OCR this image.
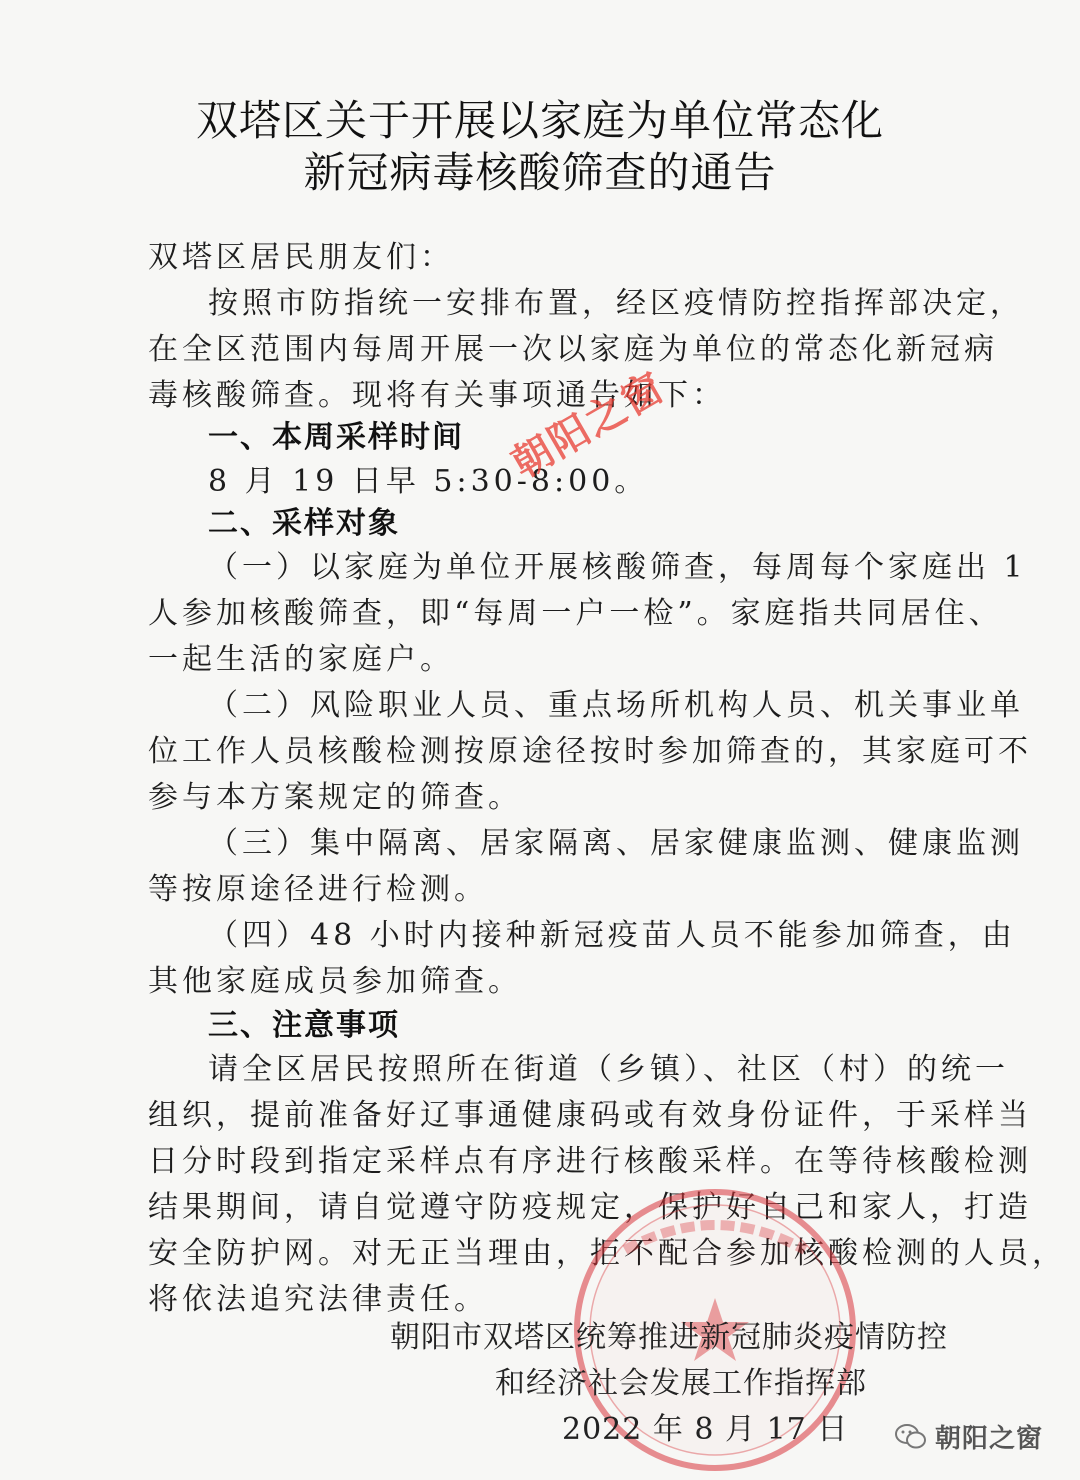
双塔区关于开展以家庭为单位常态化
新冠病毒核酸筛查的通告
双塔区居民朋友们：
按照市防指统一安排布置，经区疫情防控指挥部决定，
在全区范围内每周开展一次以家庭为单位的常态化新冠病
毒核酸筛查。现将有关事项通告如下：
一、本周采样时间
8 月 19 日早 5:30-8:00。
二、采样对象
（一）以家庭为单位开展核酸筛查，每周每个家庭出 1
人参加核酸筛查，即“每周一户一检”。家庭指共同居住、
一起生活的家庭户。
（二）风险职业人员、重点场所机构人员、机关事业单
位工作人员核酸检测按原途径按时参加筛查的，其家庭可不
参与本方案规定的筛查。
（三）集中隔离、居家隔离、居家健康监测、健康监测
等按原途径进行检测。
（四）48 小时内接种新冠疫苗人员不能参加筛查，由
其他家庭成员参加筛查。
三、注意事项
请全区居民按照所在街道（乡镇）、社区（村）的统一
组织，提前准备好辽事通健康码或有效身份证件，于采样当
日分时段到指定采样点有序进行核酸采样。在等待核酸检测
结果期间，请自觉遵守防疫规定，保护好自己和家人，打造
安全防护网。对无正当理由，拒不配合参加核酸检测的人员，
将依法追究法律责任。
朝阳市双塔区统筹推进新冠肺炎疫情防控
和经济社会发展工作指挥部
2022 年 8 月 17 日
朝阳之窗
朝阳之窗
